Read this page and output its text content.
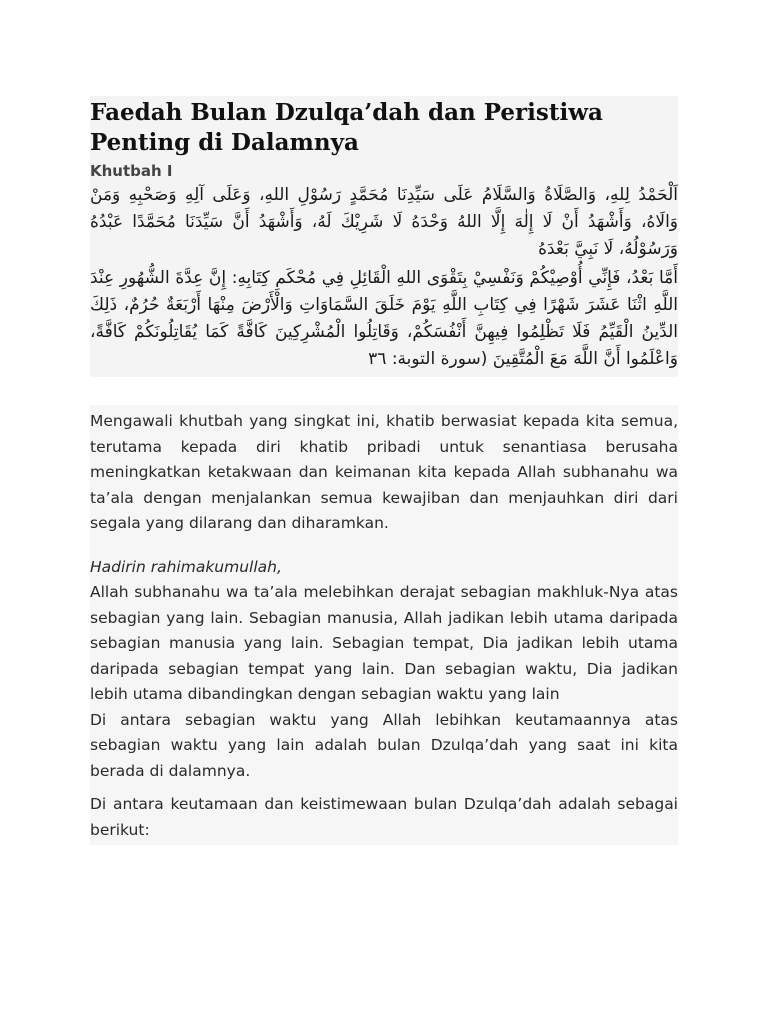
Faedah Bulan Dzulqa’dah dan Peristiwa Penting di Dalamnya
Khutbah I

اَلْحَمْدُ لِلهِ، وَالصَّلَاةُ وَالسَّلَامُ عَلَى سَيِّدِنَا مُحَمَّدٍ رَسُوْلِ اللهِ، وَعَلَى آلِهِ وَصَحْبِهِ وَمَنْ وَالَاهُ، وَأَشْهَدُ أَنْ لَا إِلٰهَ إِلَّا اللهُ وَحْدَهُ لَا شَرِيْكَ لَهُ، وَأَشْهَدُ أَنَّ سَيِّدَنَا مُحَمَّدًا عَبْدُهُ وَرَسُوْلُهُ، لَا نَبِيَّ بَعْدَهُ

أَمَّا بَعْدُ، فَإِنِّي أُوْصِيْكُمْ وَنَفْسِيْ بِتَقْوَى اللهِ الْقَائِلِ فِي مُحْكَمِ كِتَابِهِ: إِنَّ عِدَّةَ الشُّهُورِ عِنْدَ اللَّهِ اثْنَا عَشَرَ شَهْرًا فِي كِتَابِ اللَّهِ يَوْمَ خَلَقَ السَّمَاوَاتِ وَالْأَرْضَ مِنْهَا أَرْبَعَةٌ حُرُمٌ، ذَلِكَ الدِّينُ الْقَيِّمُ فَلَا تَظْلِمُوا فِيهِنَّ أَنْفُسَكُمْ، وَقَاتِلُوا الْمُشْرِكِينَ كَافَّةً كَمَا يُقَاتِلُونَكُمْ كَافَّةً، وَاعْلَمُوا أَنَّ اللَّهَ مَعَ الْمُتَّقِينَ (سورة التوبة: ٣٦

Mengawali khutbah yang singkat ini, khatib berwasiat kepada kita semua, terutama kepada diri khatib pribadi untuk senantiasa berusaha meningkatkan ketakwaan dan keimanan kita kepada Allah subhanahu wa ta’ala dengan menjalankan semua kewajiban dan menjauhkan diri dari segala yang dilarang dan diharamkan.

Hadirin rahimakumullah,

Allah subhanahu wa ta’ala melebihkan derajat sebagian makhluk-Nya atas sebagian yang lain. Sebagian manusia, Allah jadikan lebih utama daripada sebagian manusia yang lain. Sebagian tempat, Dia jadikan lebih utama daripada sebagian tempat yang lain. Dan sebagian waktu, Dia jadikan lebih utama dibandingkan dengan sebagian waktu yang lain

Di antara sebagian waktu yang Allah lebihkan keutamaannya atas sebagian waktu yang lain adalah bulan Dzulqa’dah yang saat ini kita berada di dalamnya.

Di antara keutamaan dan keistimewaan bulan Dzulqa’dah adalah sebagai berikut:
